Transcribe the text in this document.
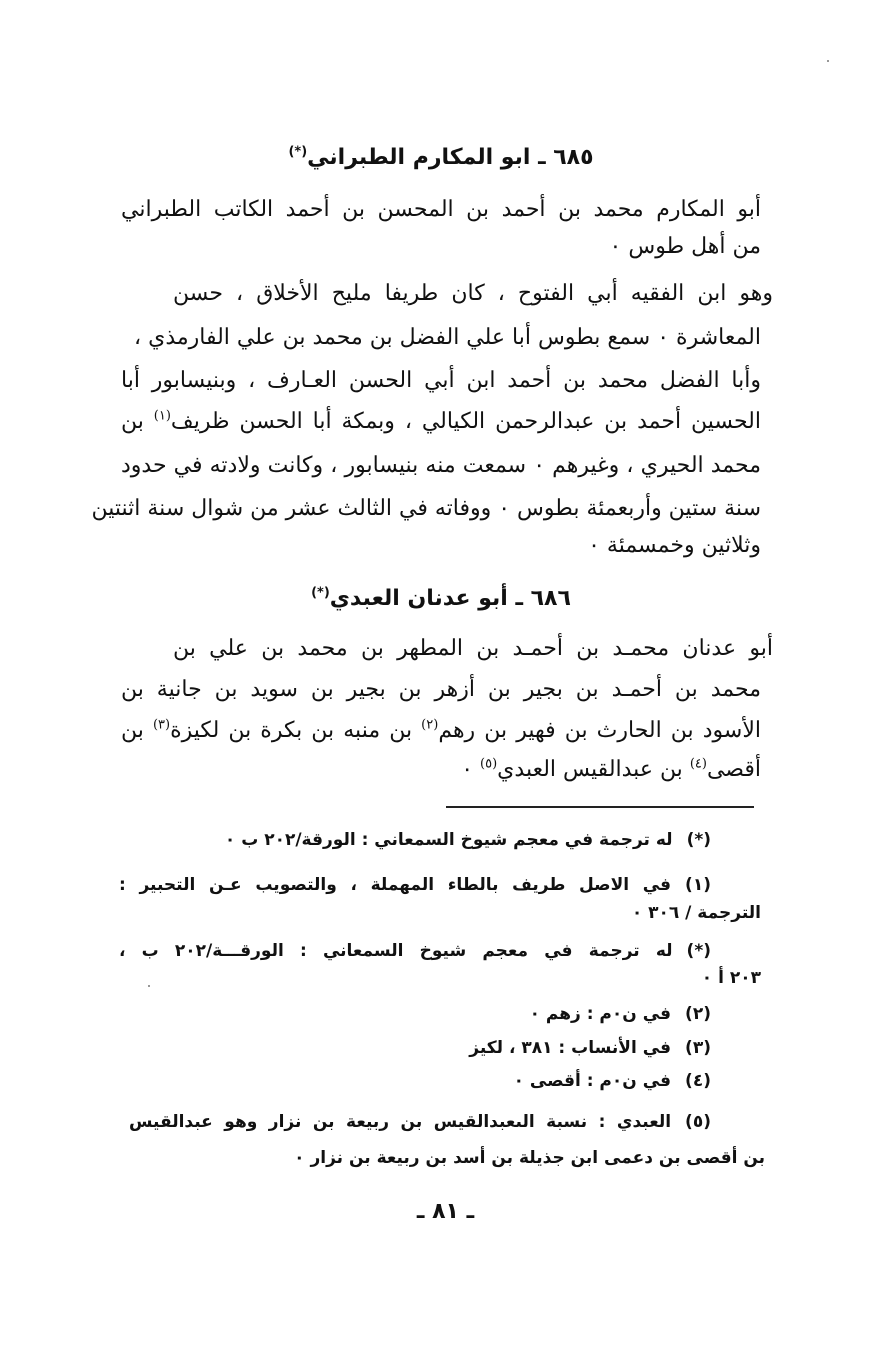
٦٨٥ ـ ابو المكارم الطبراني(*)
أبو المكارم محمد بن أحمد بن المحسن بن أحمد الكاتب الطبراني
من أهل طوس ٠
وهو ابن الفقيه أبي الفتوح ، كان طريفا مليح الأخلاق ، حسن
المعاشرة ٠ سمع بطوس أبا علي الفضل بن محمد بن علي الفارمذي ،
وأبا الفضل محمد بن أحمد ابن أبي الحسن العـارف ، وبنيسابور أبا
الحسين أحمد بن عبدالرحمن الكيالي ، وبمكة أبا الحسن ظريف$^{(١)}$ بن
محمد الحيري ، وغيرهم ٠ سمعت منه بنيسابور ، وكانت ولادته في حدود
سنة ستين وأربعمئة بطوس ٠ ووفاته في الثالث عشر من شوال سنة اثنتين
وثلاثين وخمسمئة ٠
٦٨٦ ـ أبو عدنان العبدي(*)
أبو عدنان محمـد بن أحمـد بن المطهر بن محمد بن علي بن
محمد بن أحمـد بن بجير بن أزهر بن بجير بن سويد بن جانية بن
الأسود بن الحارث بن فهير بن رهم$^{(٢)}$ بن منبه بن بكرة بن لكيزة$^{(٣)}$ بن
أقصى$^{(٤)}$ بن عبدالقيس العبدي$^{(٥)}$ ٠
(*)له ترجمة في معجم شيوخ السمعاني : الورقة/٢٠٢ ب ٠
(١)في الاصل طريف بالطاء المهملة ، والتصويب عـن التحبير :
الترجمة / ٣٠٦ ٠
(*)له ترجمة في معجم شيوخ السمعاني : الورقـــة/٢٠٢ ب ،
٢٠٣ أ ٠
(٢)في ن٠م : زهم ٠
(٣)في الأنساب : ٣٨١ ، لكيز
(٤)في ن٠م : أقصى ٠
(٥)العبدي : نسبة الىعبدالقيس بن ربيعة بن نزار وهو عبدالقيس
بن أقصى بن دعمى ابن جذيلة بن أسد بن ربيعة بن نزار ٠
ـ ٨١ ـ
